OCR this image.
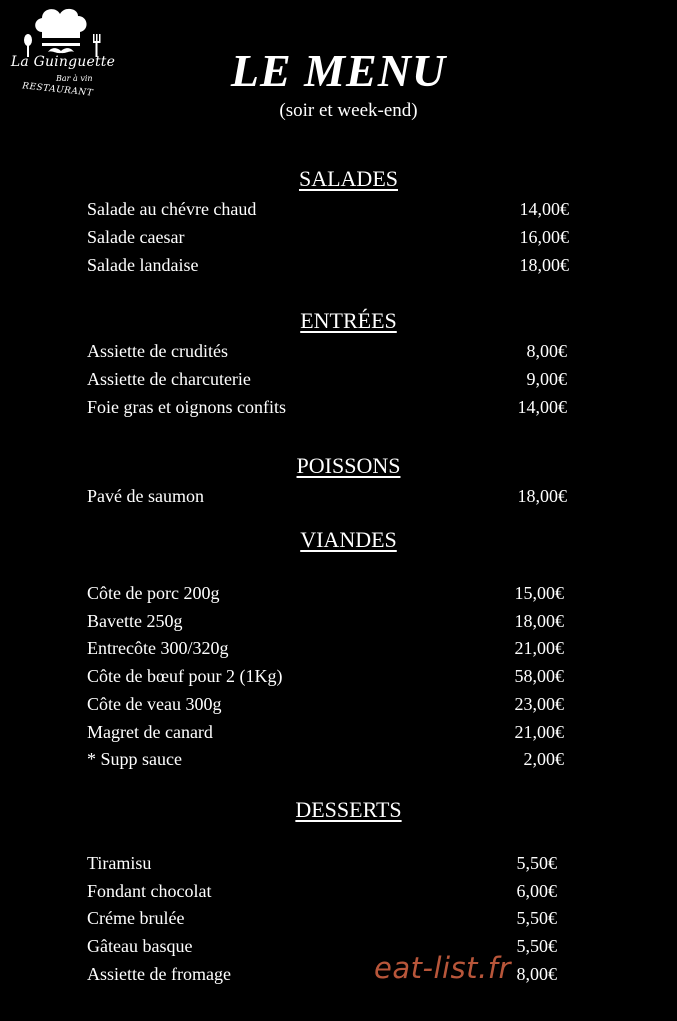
La Guinguette
Bar à vin
RESTAURANT	LE MENU
(soir et week-end)
SALADES
Salade au chévre chaud	14,00€
Salade caesar	16,00€
Salade landaise	18,00€
ENTRÉES
Assiette de crudités	8,00€
Assiette de charcuterie	9,00€
Foie gras et oignons confits	14,00€
POISSONS
Pavé de saumon	18,00€
VIANDES
Côte de porc 200g	15,00€
Bavette 250g	18,00€
Entrecôte 300/320g	21,00€
Côte de bœuf pour 2 (1Kg)	58,00€
Côte de veau 300g	23,00€
Magret de canard	21,00€
* Supp sauce	2,00€
DESSERTS
Tiramisu	5,50€
Fondant chocolat	6,00€
Créme brulée	5,50€
Gâteau basque	5,50€
Assiette de fromage	8,00€
eat-list.fr
